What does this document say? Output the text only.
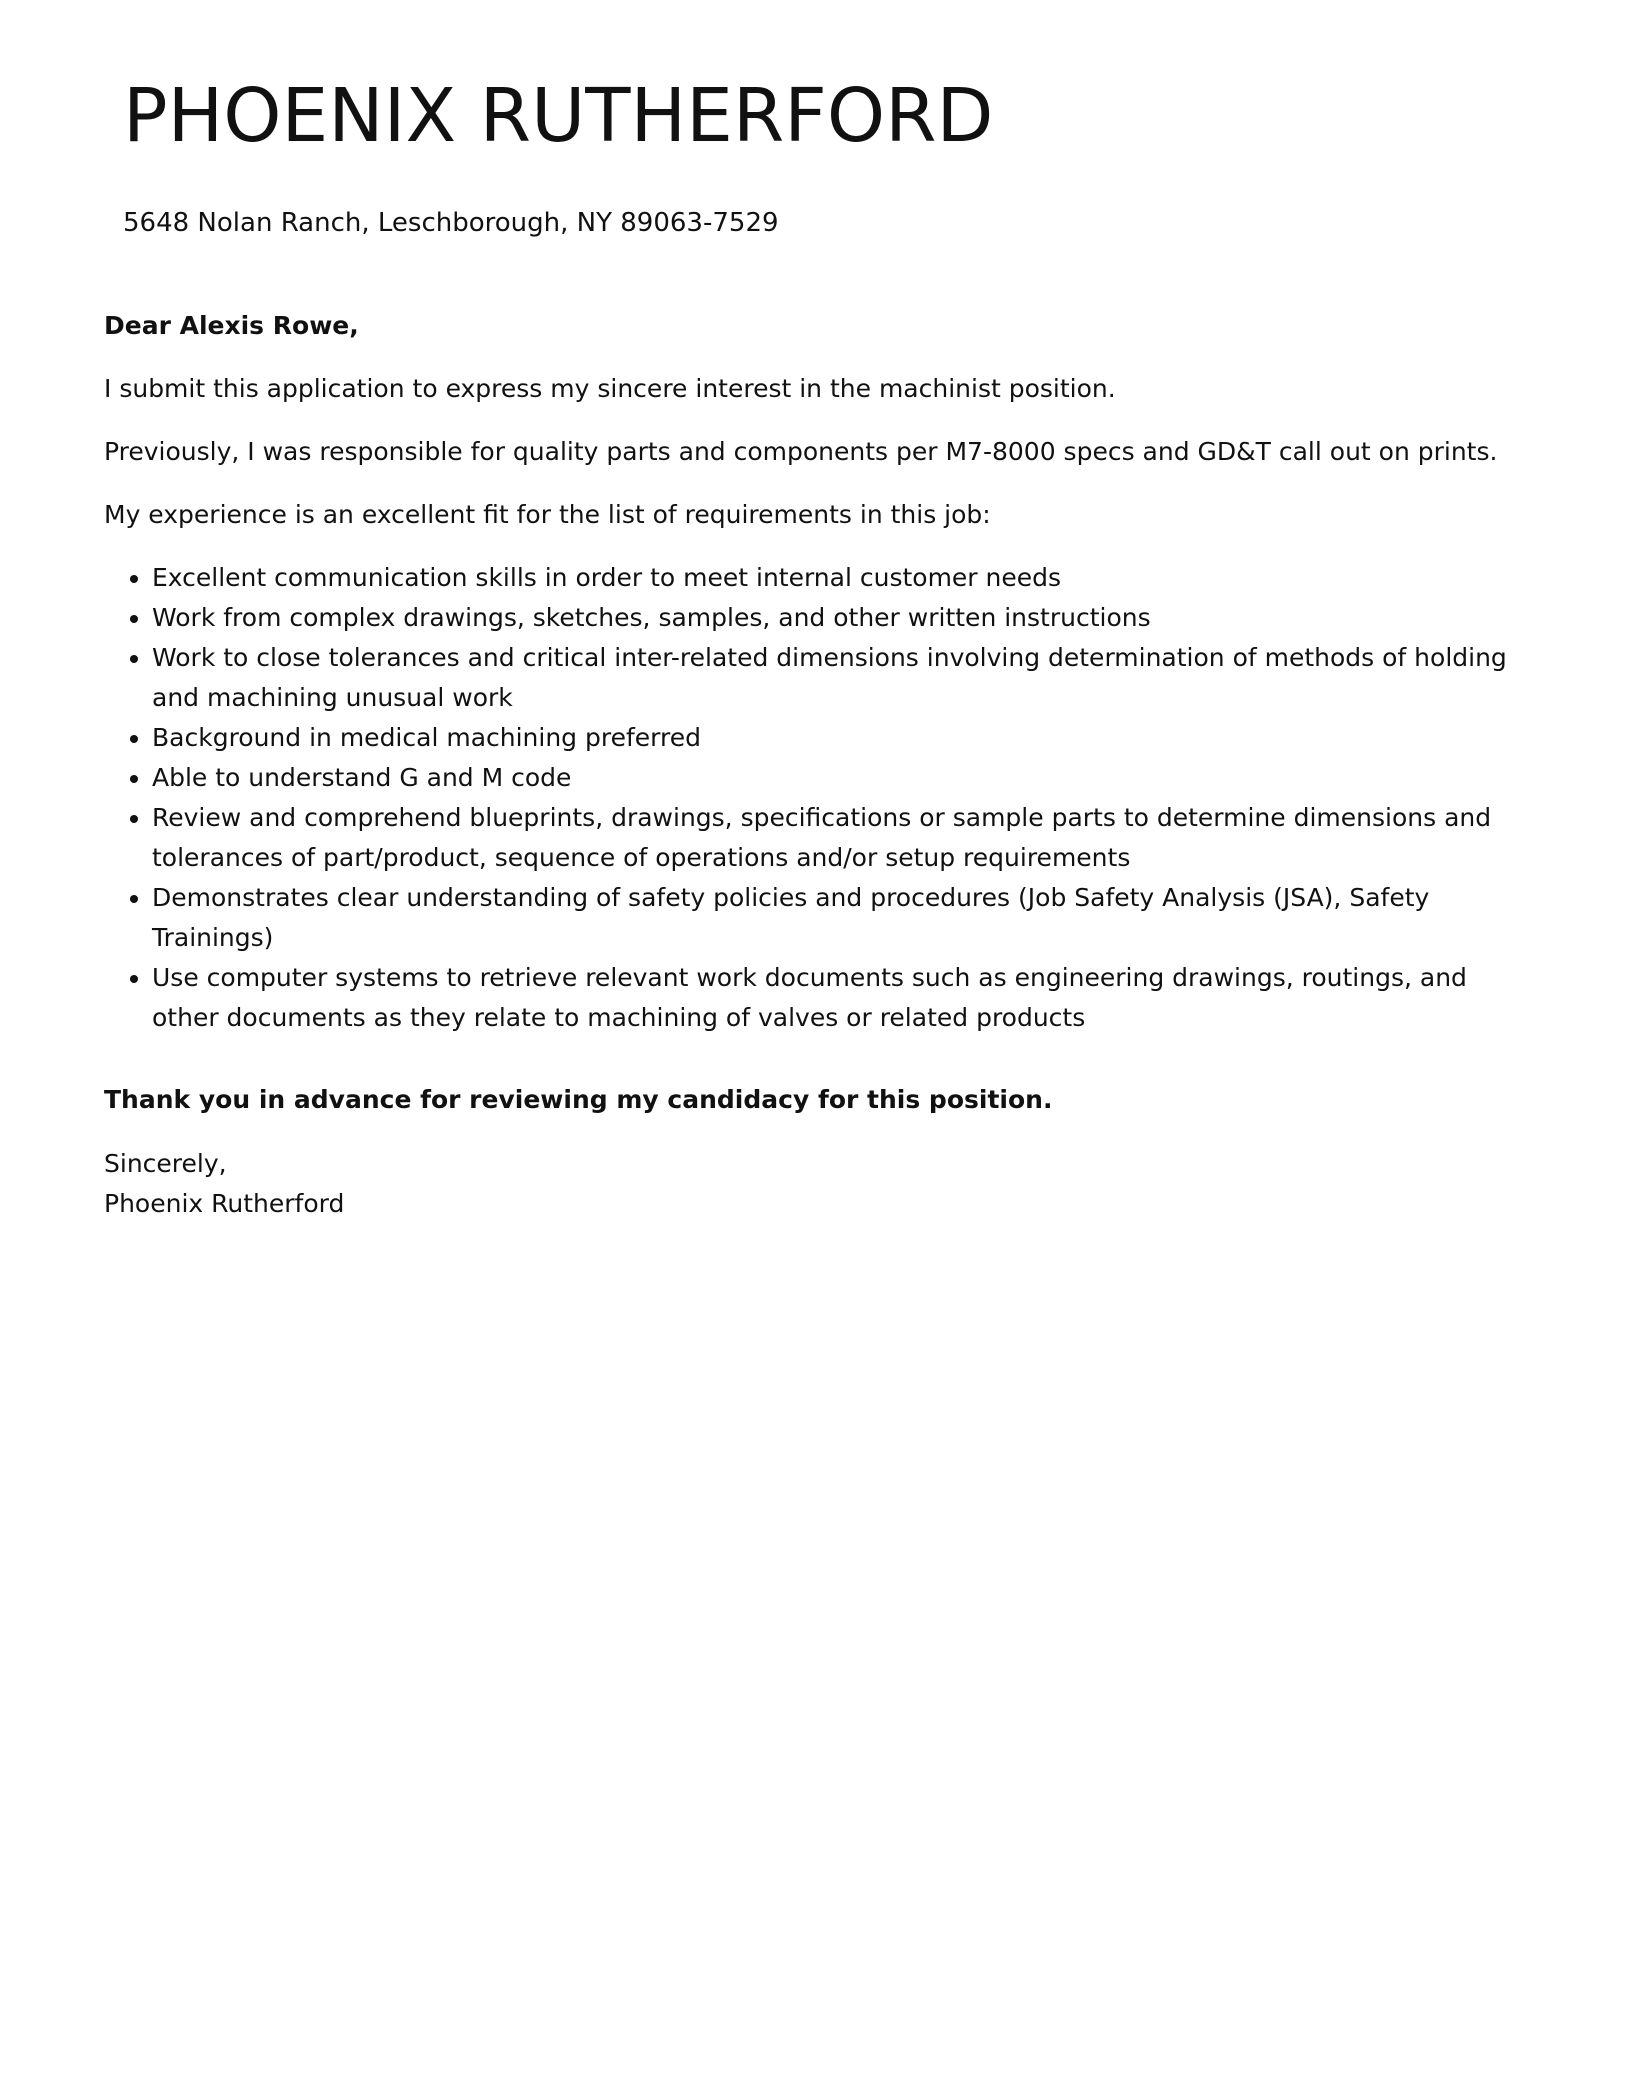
PHOENIX RUTHERFORD
5648 Nolan Ranch, Leschborough, NY 89063-7529

Dear Alexis Rowe,

I submit this application to express my sincere interest in the machinist position.

Previously, I was responsible for quality parts and components per M7-8000 specs and GD&T call out on prints.

My experience is an excellent fit for the list of requirements in this job:

• Excellent communication skills in order to meet internal customer needs
• Work from complex drawings, sketches, samples, and other written instructions
• Work to close tolerances and critical inter-related dimensions involving determination of methods of holding and machining unusual work
• Background in medical machining preferred
• Able to understand G and M code
• Review and comprehend blueprints, drawings, specifications or sample parts to determine dimensions and tolerances of part/product, sequence of operations and/or setup requirements
• Demonstrates clear understanding of safety policies and procedures (Job Safety Analysis (JSA), Safety Trainings)
• Use computer systems to retrieve relevant work documents such as engineering drawings, routings, and other documents as they relate to machining of valves or related products

Thank you in advance for reviewing my candidacy for this position.

Sincerely,

Phoenix Rutherford
